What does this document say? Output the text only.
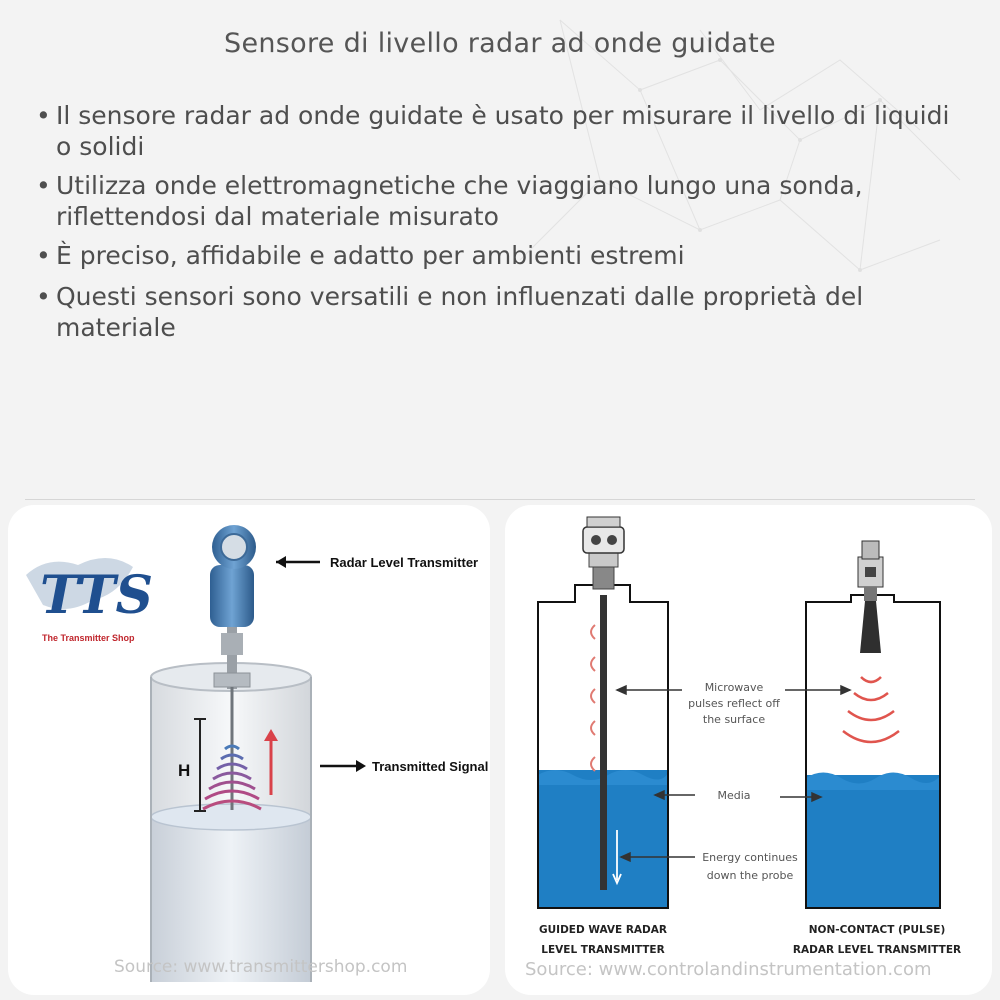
Sensore di livello radar ad onde guidate
• Il sensore radar ad onde guidate è usato per misurare il livello di liquidi o solidi
• Utilizza onde elettromagnetiche che viaggiano lungo una sonda, riflettendosi dal materiale misurato
• È preciso, affidabile e adatto per ambienti estremi
• Questi sensori sono versatili e non influenzati dalle proprietà del materiale
TTS
The Transmitter Shop
H
Radar Level Transmitter
Transmitted Signal
Source: www.transmittershop.com
Microwave
pulses reflect off
the surface
Media
Energy continues
down the probe
GUIDED WAVE RADAR
LEVEL TRANSMITTER
NON-CONTACT (PULSE)
RADAR LEVEL TRANSMITTER
Source: www.controlandinstrumentation.com
